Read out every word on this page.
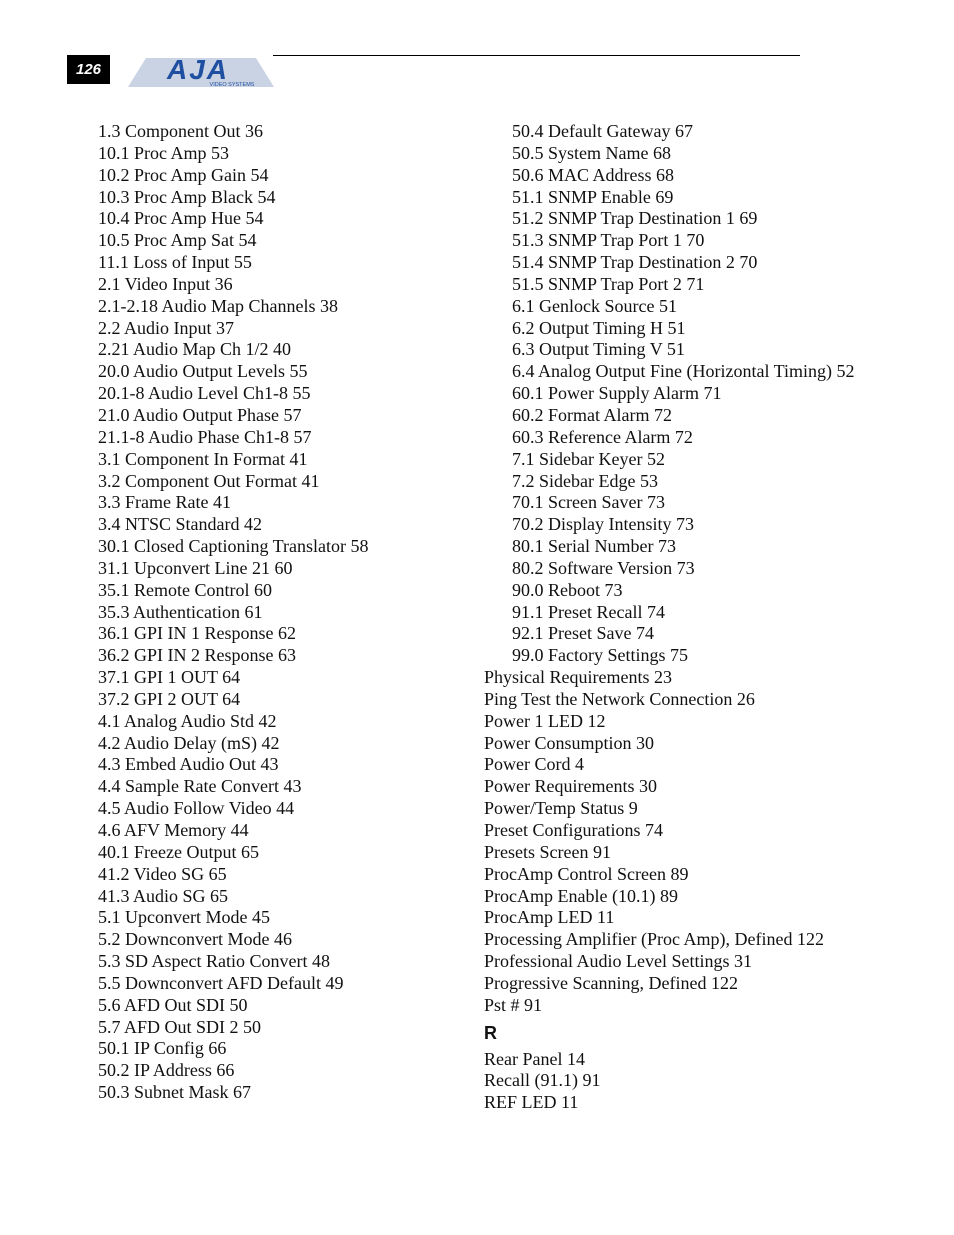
126	AJA
VIDEO SYSTEMS
1.3 Component Out 36
10.1 Proc Amp 53
10.2 Proc Amp Gain 54
10.3 Proc Amp Black 54
10.4 Proc Amp Hue 54
10.5 Proc Amp Sat 54
11.1 Loss of Input 55
2.1 Video Input 36
2.1-2.18 Audio Map Channels 38
2.2 Audio Input 37
2.21 Audio Map Ch 1/2 40
20.0 Audio Output Levels 55
20.1-8 Audio Level Ch1-8 55
21.0 Audio Output Phase 57
21.1-8 Audio Phase Ch1-8 57
3.1 Component In Format 41
3.2 Component Out Format 41
3.3 Frame Rate 41
3.4 NTSC Standard 42
30.1 Closed Captioning Translator 58
31.1 Upconvert Line 21 60
35.1 Remote Control 60
35.3 Authentication 61
36.1 GPI IN 1 Response 62
36.2 GPI IN 2 Response 63
37.1 GPI 1 OUT 64
37.2 GPI 2 OUT 64
4.1 Analog Audio Std 42
4.2 Audio Delay (mS) 42
4.3 Embed Audio Out 43
4.4 Sample Rate Convert 43
4.5 Audio Follow Video 44
4.6 AFV Memory 44
40.1 Freeze Output 65
41.2 Video SG 65
41.3 Audio SG 65
5.1 Upconvert Mode 45
5.2 Downconvert Mode 46
5.3 SD Aspect Ratio Convert 48
5.5 Downconvert AFD Default 49
5.6 AFD Out SDI 50
5.7 AFD Out SDI 2 50
50.1 IP Config 66
50.2 IP Address 66
50.3 Subnet Mask 67
50.4 Default Gateway 67
50.5 System Name 68
50.6 MAC Address 68
51.1 SNMP Enable 69
51.2 SNMP Trap Destination 1 69
51.3 SNMP Trap Port 1 70
51.4 SNMP Trap Destination 2 70
51.5 SNMP Trap Port 2 71
6.1 Genlock Source 51
6.2 Output Timing H 51
6.3 Output Timing V 51
6.4 Analog Output Fine (Horizontal Timing) 52
60.1 Power Supply Alarm 71
60.2 Format Alarm 72
60.3 Reference Alarm 72
7.1 Sidebar Keyer 52
7.2 Sidebar Edge 53
70.1 Screen Saver 73
70.2 Display Intensity 73
80.1 Serial Number 73
80.2 Software Version 73
90.0 Reboot 73
91.1 Preset Recall 74
92.1 Preset Save 74
99.0 Factory Settings 75
Physical Requirements 23
Ping Test the Network Connection 26
Power 1 LED 12
Power Consumption 30
Power Cord 4
Power Requirements 30
Power/Temp Status 9
Preset Configurations 74
Presets Screen 91
ProcAmp Control Screen 89
ProcAmp Enable (10.1) 89
ProcAmp LED 11
Processing Amplifier (Proc Amp), Defined 122
Professional Audio Level Settings 31
Progressive Scanning, Defined 122
Pst # 91
R
Rear Panel 14
Recall (91.1) 91
REF LED 11
